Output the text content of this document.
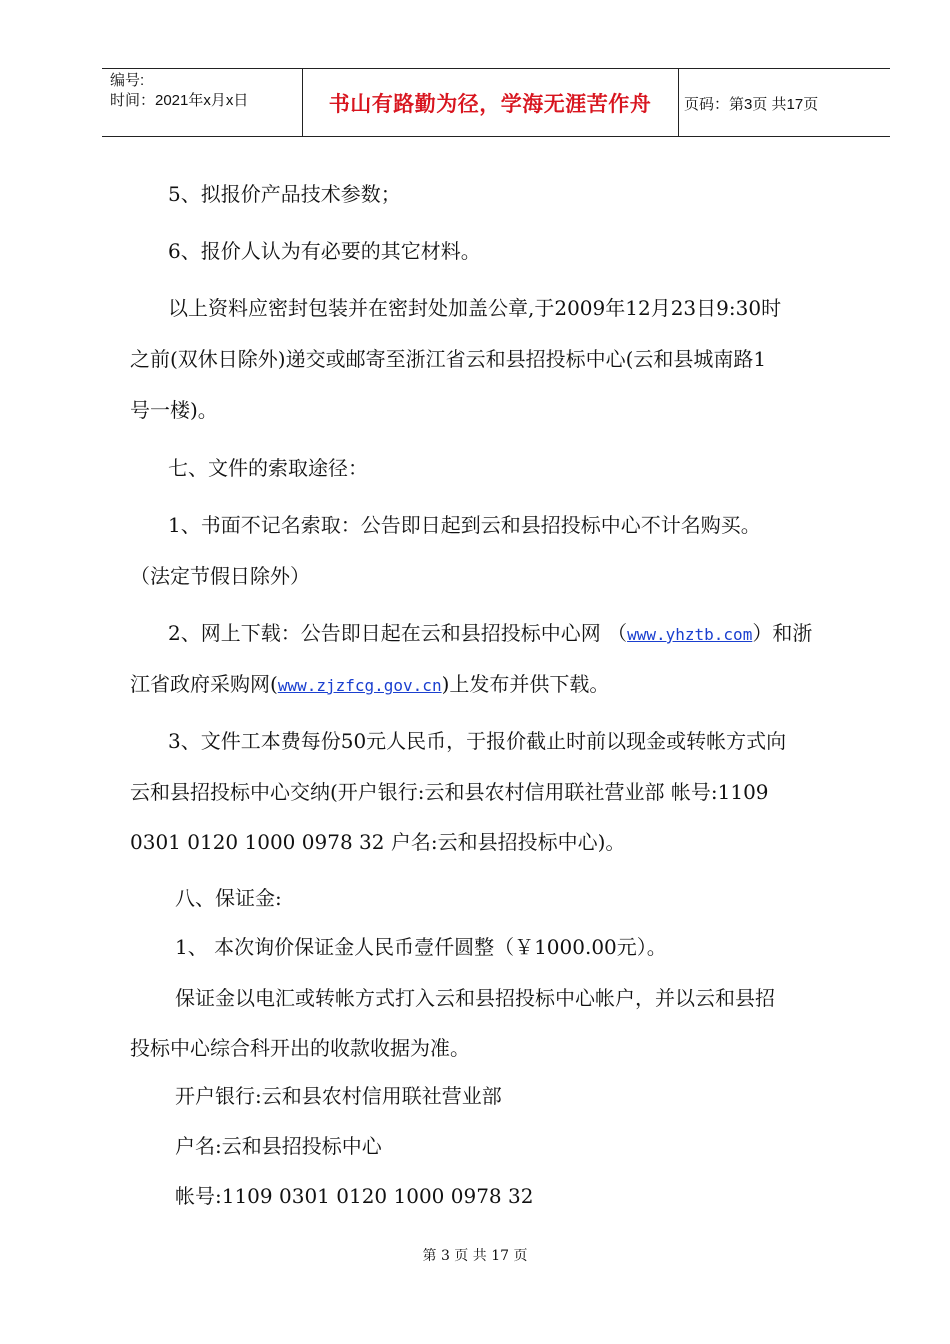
编号:
时间：2021年x月x日	书山有路勤为径，学海无涯苦作舟	页码：第3页 共17页
5、拟报价产品技术参数；
6、报价人认为有必要的其它材料。
以上资料应密封包装并在密封处加盖公章,于2009年12月23日9:30时
之前(双休日除外)递交或邮寄至浙江省云和县招投标中心(云和县城南路1
号一楼)。
七、文件的索取途径：
1、书面不记名索取：公告即日起到云和县招投标中心不计名购买。
（法定节假日除外）
2、网上下载：公告即日起在云和县招投标中心网 （www.yhztb.com）和浙
江省政府采购网(www.zjzfcg.gov.cn)上发布并供下载。
3、文件工本费每份50元人民币，于报价截止时前以现金或转帐方式向
云和县招投标中心交纳(开户银行:云和县农村信用联社营业部 帐号:1109
0301 0120 1000 0978 32 户名:云和县招投标中心)。
八、保证金:
1、 本次询价保证金人民币壹仟圆整（￥1000.00元）。
保证金以电汇或转帐方式打入云和县招投标中心帐户，并以云和县招
投标中心综合科开出的收款收据为准。
开户银行:云和县农村信用联社营业部
户名:云和县招投标中心
帐号:1109 0301 0120 1000 0978 32
第 3 页 共 17 页
